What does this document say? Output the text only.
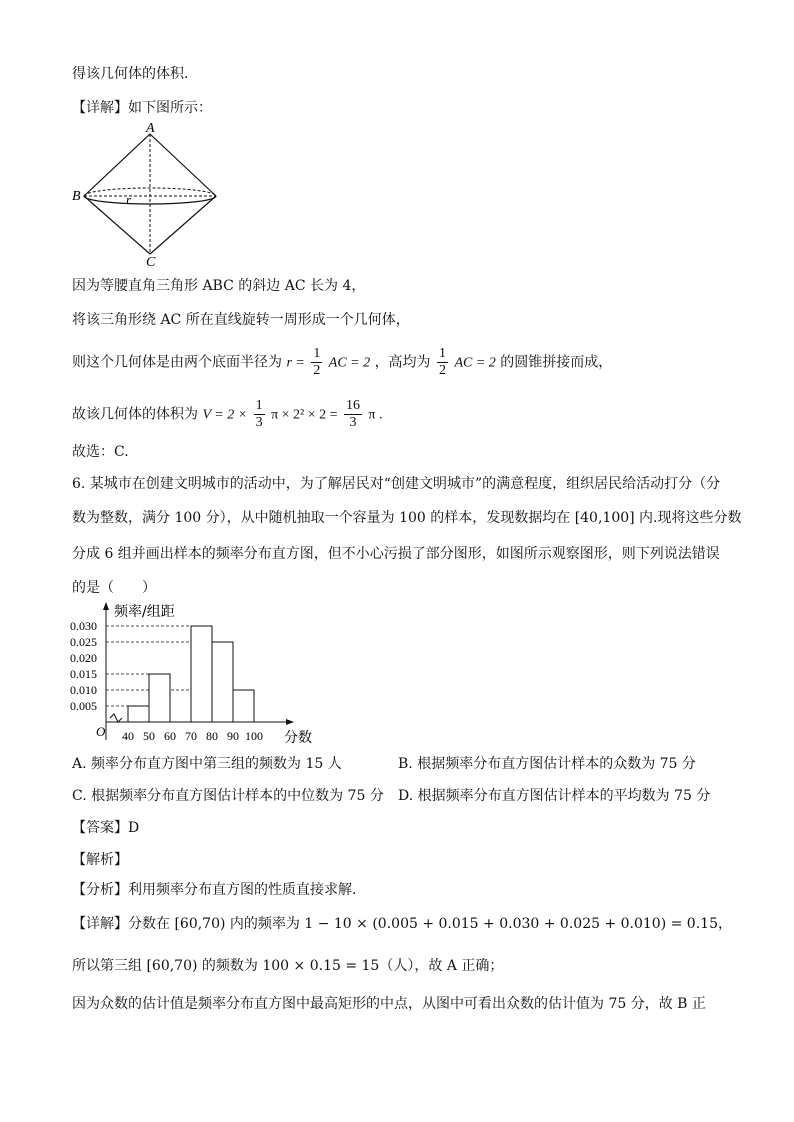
得该几何体的体积.
【详解】如下图所示：
A
B
C
r
因为等腰直角三角形 ABC 的斜边 AC 长为 4，
将该三角形绕 AC 所在直线旋转一周形成一个几何体，
则这个几何体是由两个底面半径为 $r = \frac{1}{2}$ AC = 2 ，高均为 $\frac{1}{2}$ AC = 2 的圆锥拼接而成，
故该几何体的体积为 $V = 2 \times \frac{1}{3}$ $\pi \times 2^2 \times 2 = \frac{16}{3}$ π .
故选：C.
6. 某城市在创建文明城市的活动中，为了解居民对“创建文明城市”的满意程度，组织居民给活动打分（分
数为整数，满分 100 分），从中随机抽取一个容量为 100 的样本，发现数据均在 [40,100] 内.现将这些分数
分成 6 组并画出样本的频率分布直方图，但不小心污损了部分图形，如图所示观察图形，则下列说法错误
的是（　　）
频率/组距
分数
O
0.030
0.025
0.020
0.015
0.010
0.005
40 50 60 70 80 90 100
A. 频率分布直方图中第三组的频数为 15 人	B. 根据频率分布直方图估计样本的众数为 75 分
C. 根据频率分布直方图估计样本的中位数为 75 分 D. 根据频率分布直方图估计样本的平均数为 75 分
【答案】D
【解析】
【分析】利用频率分布直方图的性质直接求解.
【详解】分数在 [60,70) 内的频率为 1 − 10 × (0.005 + 0.015 + 0.030 + 0.025 + 0.010) = 0.15，
所以第三组 [60,70) 的频数为 100 × 0.15 = 15（人），故 A 正确；
因为众数的估计值是频率分布直方图中最高矩形的中点，从图中可看出众数的估计值为 75 分，故 B 正
